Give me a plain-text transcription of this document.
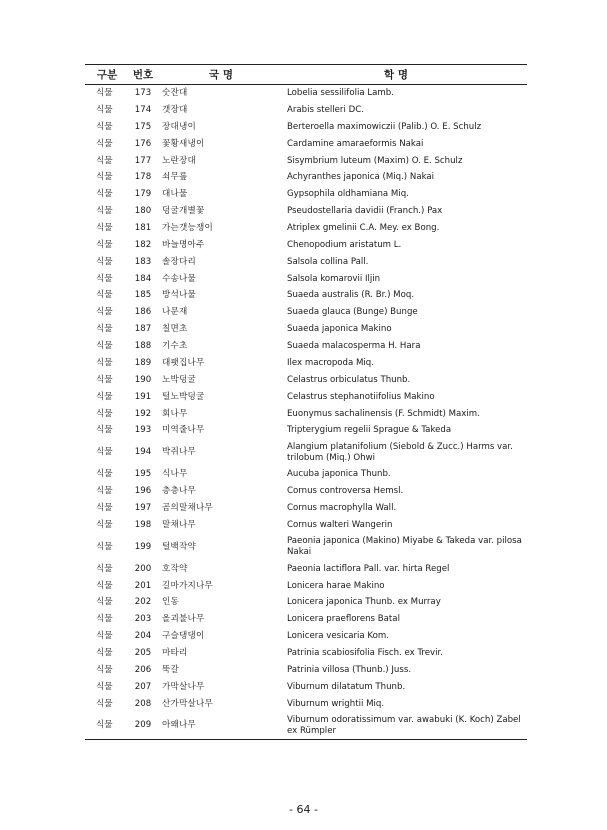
구분	번호	국 명	학 명
식물	173	숫잔대	Lobelia sessilifolia Lamb.
식물	174	갯장대	Arabis stelleri DC.
식물	175	장대냉이	Berteroella maximowiczii (Palib.) O. E. Schulz
식물	176	꽃황새냉이	Cardamine amaraeformis Nakai
식물	177	노란장대	Sisymbrium luteum (Maxim) O. E. Schulz
식물	178	쇠무릎	Achyranthes japonica (Miq.) Nakai
식물	179	대나물	Gypsophila oldhamiana Miq.
식물	180	덩굴개별꽃	Pseudostellaria davidii (Franch.) Pax
식물	181	가는갯능쟁이	Atriplex gmelinii C.A. Mey. ex Bong.
식물	182	바늘명아주	Chenopodium aristatum L.
식물	183	솔장다리	Salsola collina Pall.
식물	184	수송나물	Salsola komarovii Iljin
식물	185	방석나물	Suaeda australis (R. Br.) Moq.
식물	186	나문재	Suaeda glauca (Bunge) Bunge
식물	187	칠면초	Suaeda japonica Makino
식물	188	기수초	Suaeda malacosperma H. Hara
식물	189	대팻집나무	Ilex macropoda Miq.
식물	190	노박덩굴	Celastrus orbiculatus Thunb.
식물	191	털노박덩굴	Celastrus stephanotiifolius Makino
식물	192	회나무	Euonymus sachalinensis (F. Schmidt) Maxim.
식물	193	미역줄나무	Tripterygium regelii Sprague & Takeda
식물	194	박쥐나무	Alangium platanifolium (Siebold & Zucc.) Harms var. trilobum (Miq.) Ohwi
식물	195	식나무	Aucuba japonica Thunb.
식물	196	층층나무	Cornus controversa Hemsl.
식물	197	곰의말채나무	Cornus macrophylla Wall.
식물	198	말채나무	Cornus walteri Wangerin
식물	199	털백작약	Paeonia japonica (Makino) Miyabe & Takeda var. pilosa Nakai
식물	200	호작약	Paeonia lactiflora Pall. var. hirta Regel
식물	201	길마가지나무	Lonicera harae Makino
식물	202	인동	Lonicera japonica Thunb. ex Murray
식물	203	올괴불나무	Lonicera praeflorens Batal
식물	204	구슬댕댕이	Lonicera vesicaria Kom.
식물	205	마타리	Patrinia scabiosifolia Fisch. ex Trevir.
식물	206	뚝갈	Patrinia villosa (Thunb.) Juss.
식물	207	가막살나무	Viburnum dilatatum Thunb.
식물	208	산가막살나무	Viburnum wrightii Miq.
식물	209	아왜나무	Viburnum odoratissimum var. awabuki (K. Koch) Zabel ex Rümpler
- 64 -
